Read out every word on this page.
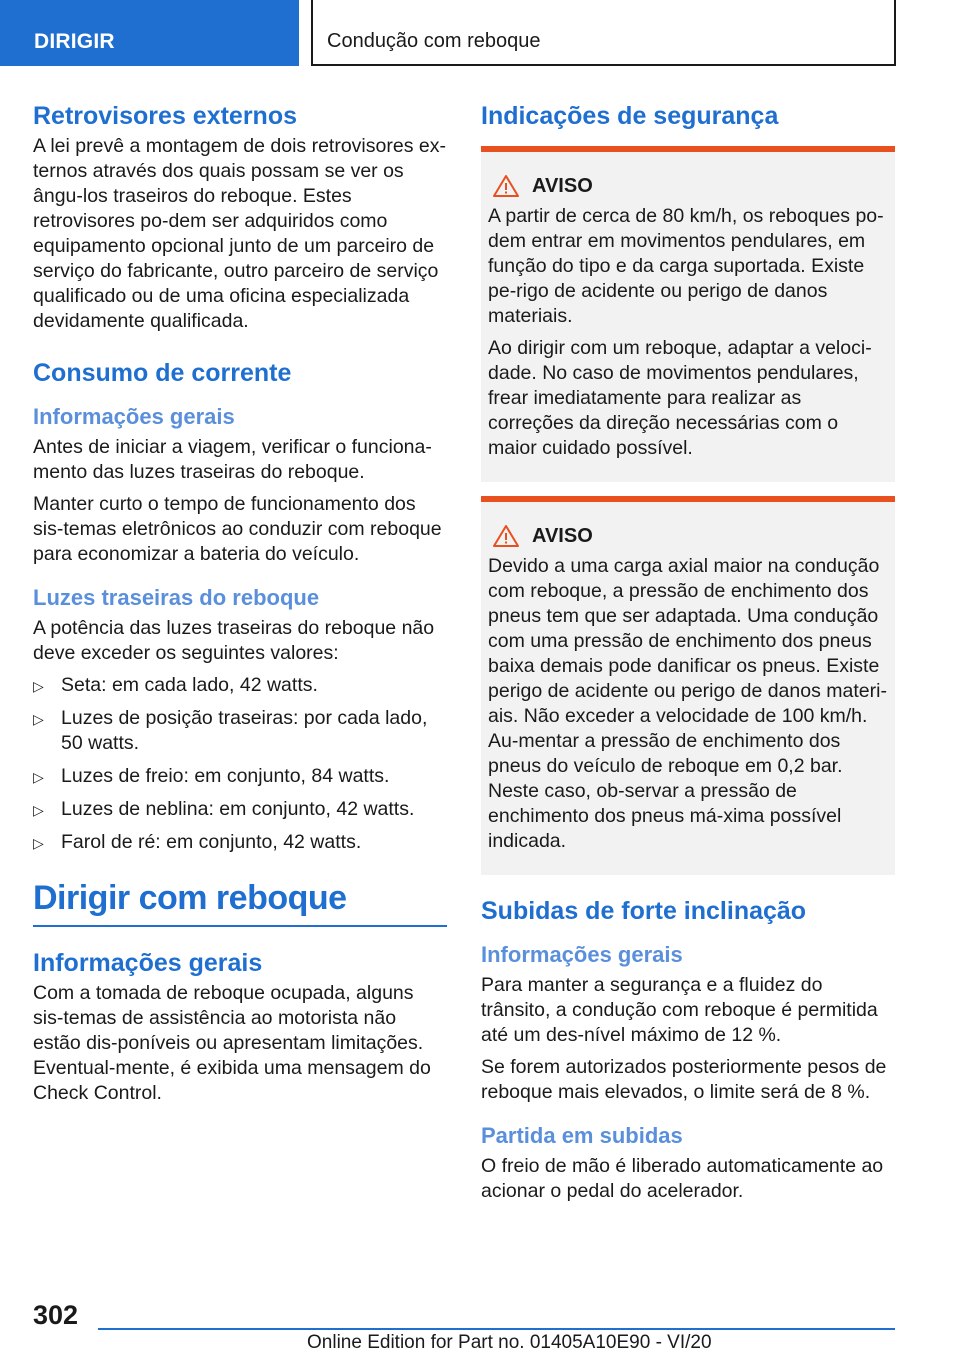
DIRIGIR	Condução com reboque
Retrovisores externos

A lei prevê a montagem de dois retrovisores ex-ternos através dos quais possam se ver os ângu-los traseiros do reboque. Estes retrovisores po-dem ser adquiridos como equipamento opcional junto de um parceiro de serviço do fabricante, outro parceiro de serviço qualificado ou de uma oficina especializada devidamente qualificada.

Consumo de corrente
Informações gerais

Antes de iniciar a viagem, verificar o funciona-mento das luzes traseiras do reboque.

Manter curto o tempo de funcionamento dos sis-temas eletrônicos ao conduzir com reboque para economizar a bateria do veículo.

Luzes traseiras do reboque

A potência das luzes traseiras do reboque não deve exceder os seguintes valores:

▷ Seta: em cada lado, 42 watts.
▷ Luzes de posição traseiras: por cada lado, 50 watts.
▷ Luzes de freio: em conjunto, 84 watts.
▷ Luzes de neblina: em conjunto, 42 watts.
▷ Farol de ré: em conjunto, 42 watts.
Dirigir com reboque
Informações gerais

Com a tomada de reboque ocupada, alguns sis-temas de assistência ao motorista não estão dis-poníveis ou apresentam limitações. Eventual-mente, é exibida uma mensagem do Check Control.

Indicações de segurança
AVISO

A partir de cerca de 80 km/h, os reboques po-dem entrar em movimentos pendulares, em função do tipo e da carga suportada. Existe pe-rigo de acidente ou perigo de danos materiais.

Ao dirigir com um reboque, adaptar a veloci-dade. No caso de movimentos pendulares, frear imediatamente para realizar as correções da direção necessárias com o maior cuidado possível.

AVISO

Devido a uma carga axial maior na condução com reboque, a pressão de enchimento dos pneus tem que ser adaptada. Uma condução com uma pressão de enchimento dos pneus baixa demais pode danificar os pneus. Existe perigo de acidente ou perigo de danos materi-ais. Não exceder a velocidade de 100 km/h. Au-mentar a pressão de enchimento dos pneus do veículo de reboque em 0,2 bar. Neste caso, ob-servar a pressão de enchimento dos pneus má-xima possível indicada.

Subidas de forte inclinação
Informações gerais

Para manter a segurança e a fluidez do trânsito, a condução com reboque é permitida até um des-nível máximo de 12 %.

Se forem autorizados posteriormente pesos de reboque mais elevados, o limite será de 8 %.

Partida em subidas

O freio de mão é liberado automaticamente ao acionar o pedal do acelerador.

302
Online Edition for Part no. 01405A10E90 - VI/20
